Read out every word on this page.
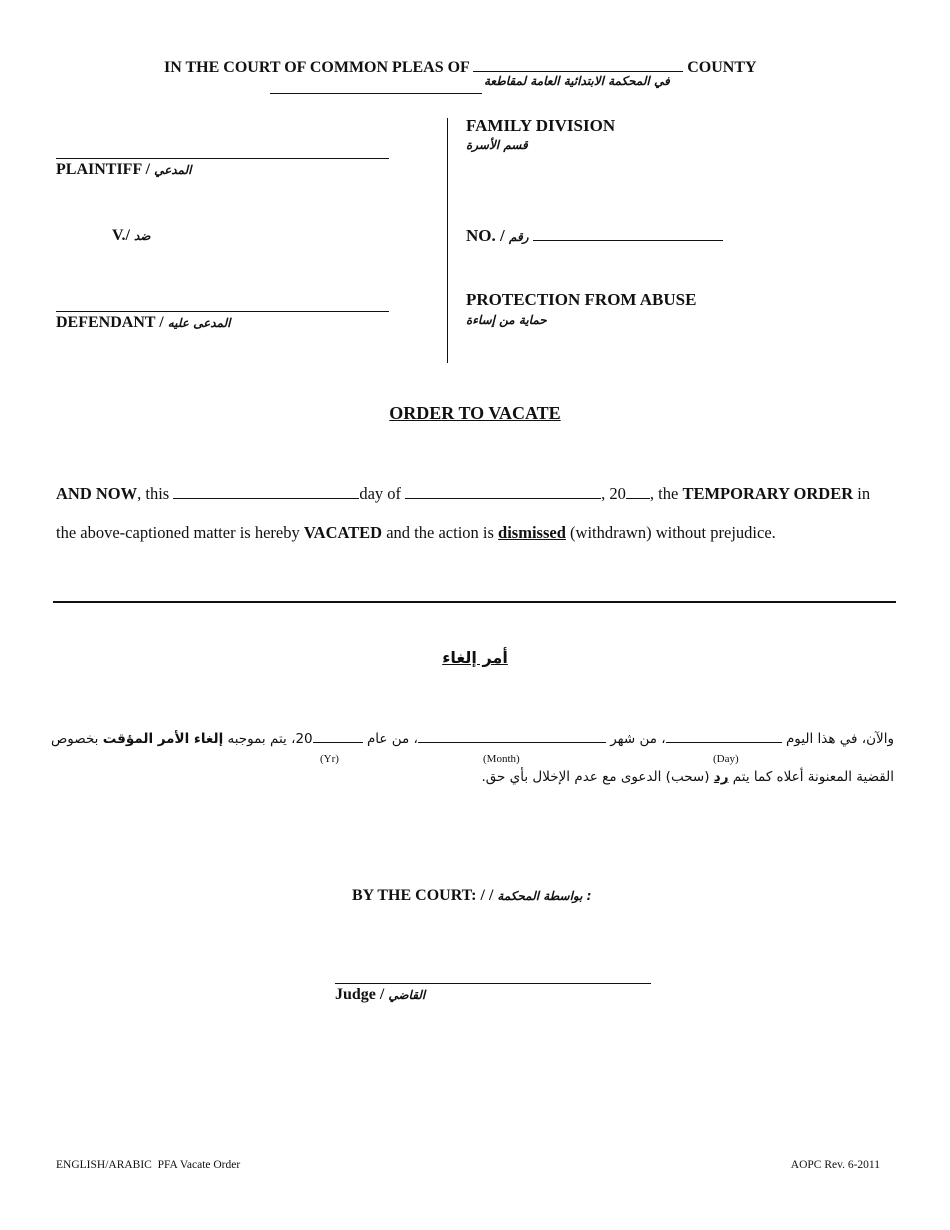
IN THE COURT OF COMMON PLEAS OF	COUNTY
في المحكمة الابتدائية العامة لمقاطعة
PLAINTIFF / المدعي
V./ ضد
DEFENDANT / المدعى عليه
FAMILY DIVISION
قسم الأسرة
NO. / رقم
PROTECTION FROM ABUSE
حماية من إساءة
ORDER TO VACATE
AND NOW, this	day of	, 20 , the TEMPORARY ORDER in
the above-captioned matter is hereby VACATED and the action is dismissed (withdrawn) without prejudice.
أمر إلغاء
والآن، في هذا اليوم ، من شهر ، من عام 20، يتم بموجبه إلغاء الأمر المؤقت بخصوص
(Day)
(Month)
(Yr)
القضية المعنونة أعلاه كما يتم رد (سحب) الدعوى مع عدم الإخلال بأي حق.
BY THE COURT: / / بواسطة المحكمة :
Judge / القاضي
ENGLISH/ARABIC  PFA Vacate Order	AOPC Rev. 6-2011
